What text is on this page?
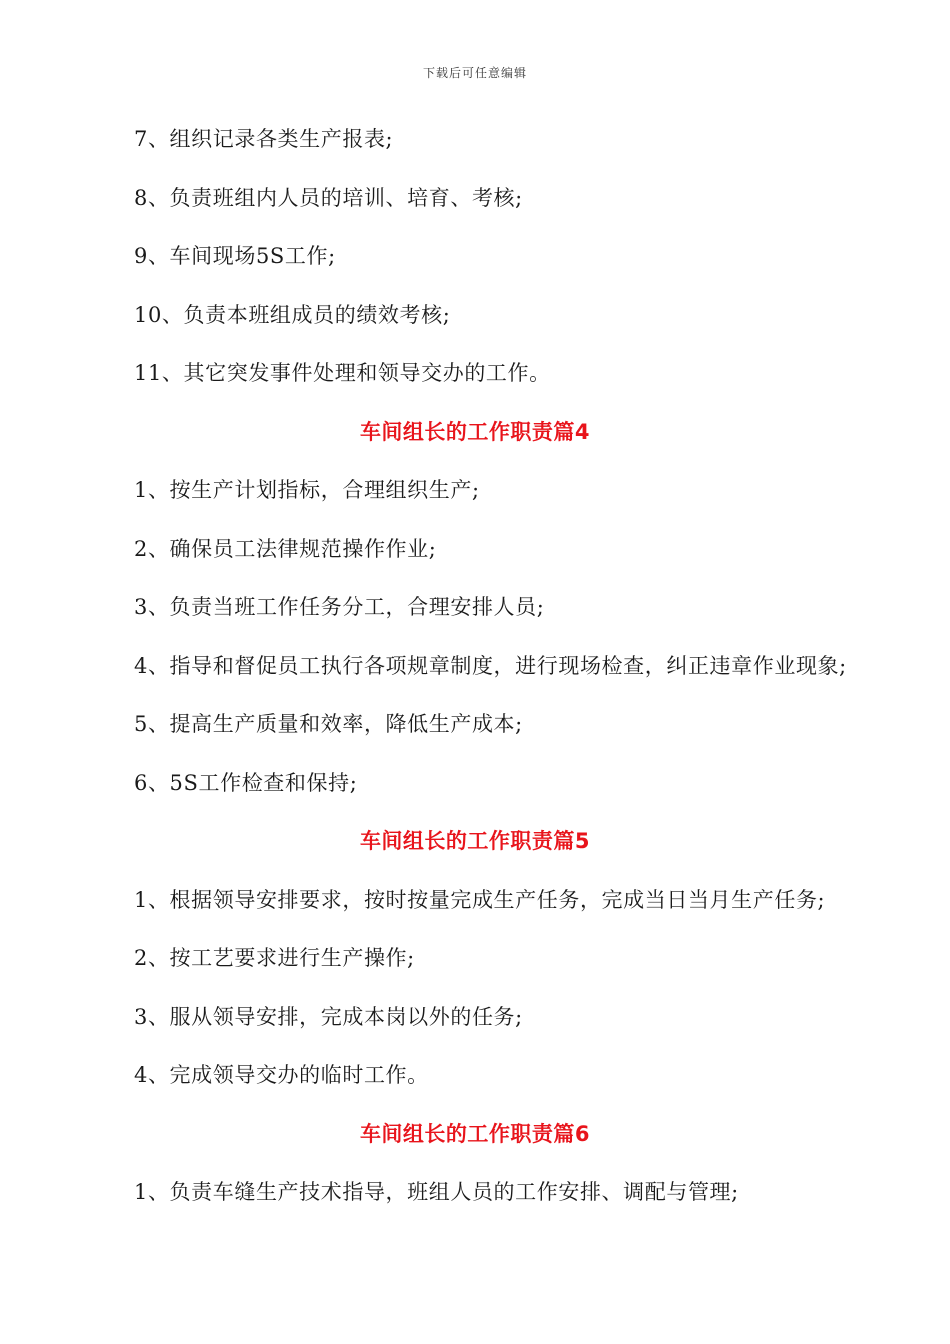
下载后可任意编辑
7、组织记录各类生产报表;
8、负责班组内人员的培训、培育、考核;
9、车间现场5S工作;
10、负责本班组成员的绩效考核;
11、其它突发事件处理和领导交办的工作。
车间组长的工作职责篇4
1、按生产计划指标，合理组织生产;
2、确保员工法律规范操作作业;
3、负责当班工作任务分工，合理安排人员;
4、指导和督促员工执行各项规章制度，进行现场检查，纠正违章作业现象;
5、提高生产质量和效率，降低生产成本;
6、5S工作检查和保持;
车间组长的工作职责篇5
1、根据领导安排要求，按时按量完成生产任务，完成当日当月生产任务;
2、按工艺要求进行生产操作;
3、服从领导安排，完成本岗以外的任务;
4、完成领导交办的临时工作。
车间组长的工作职责篇6
1、负责车缝生产技术指导，班组人员的工作安排、调配与管理;
